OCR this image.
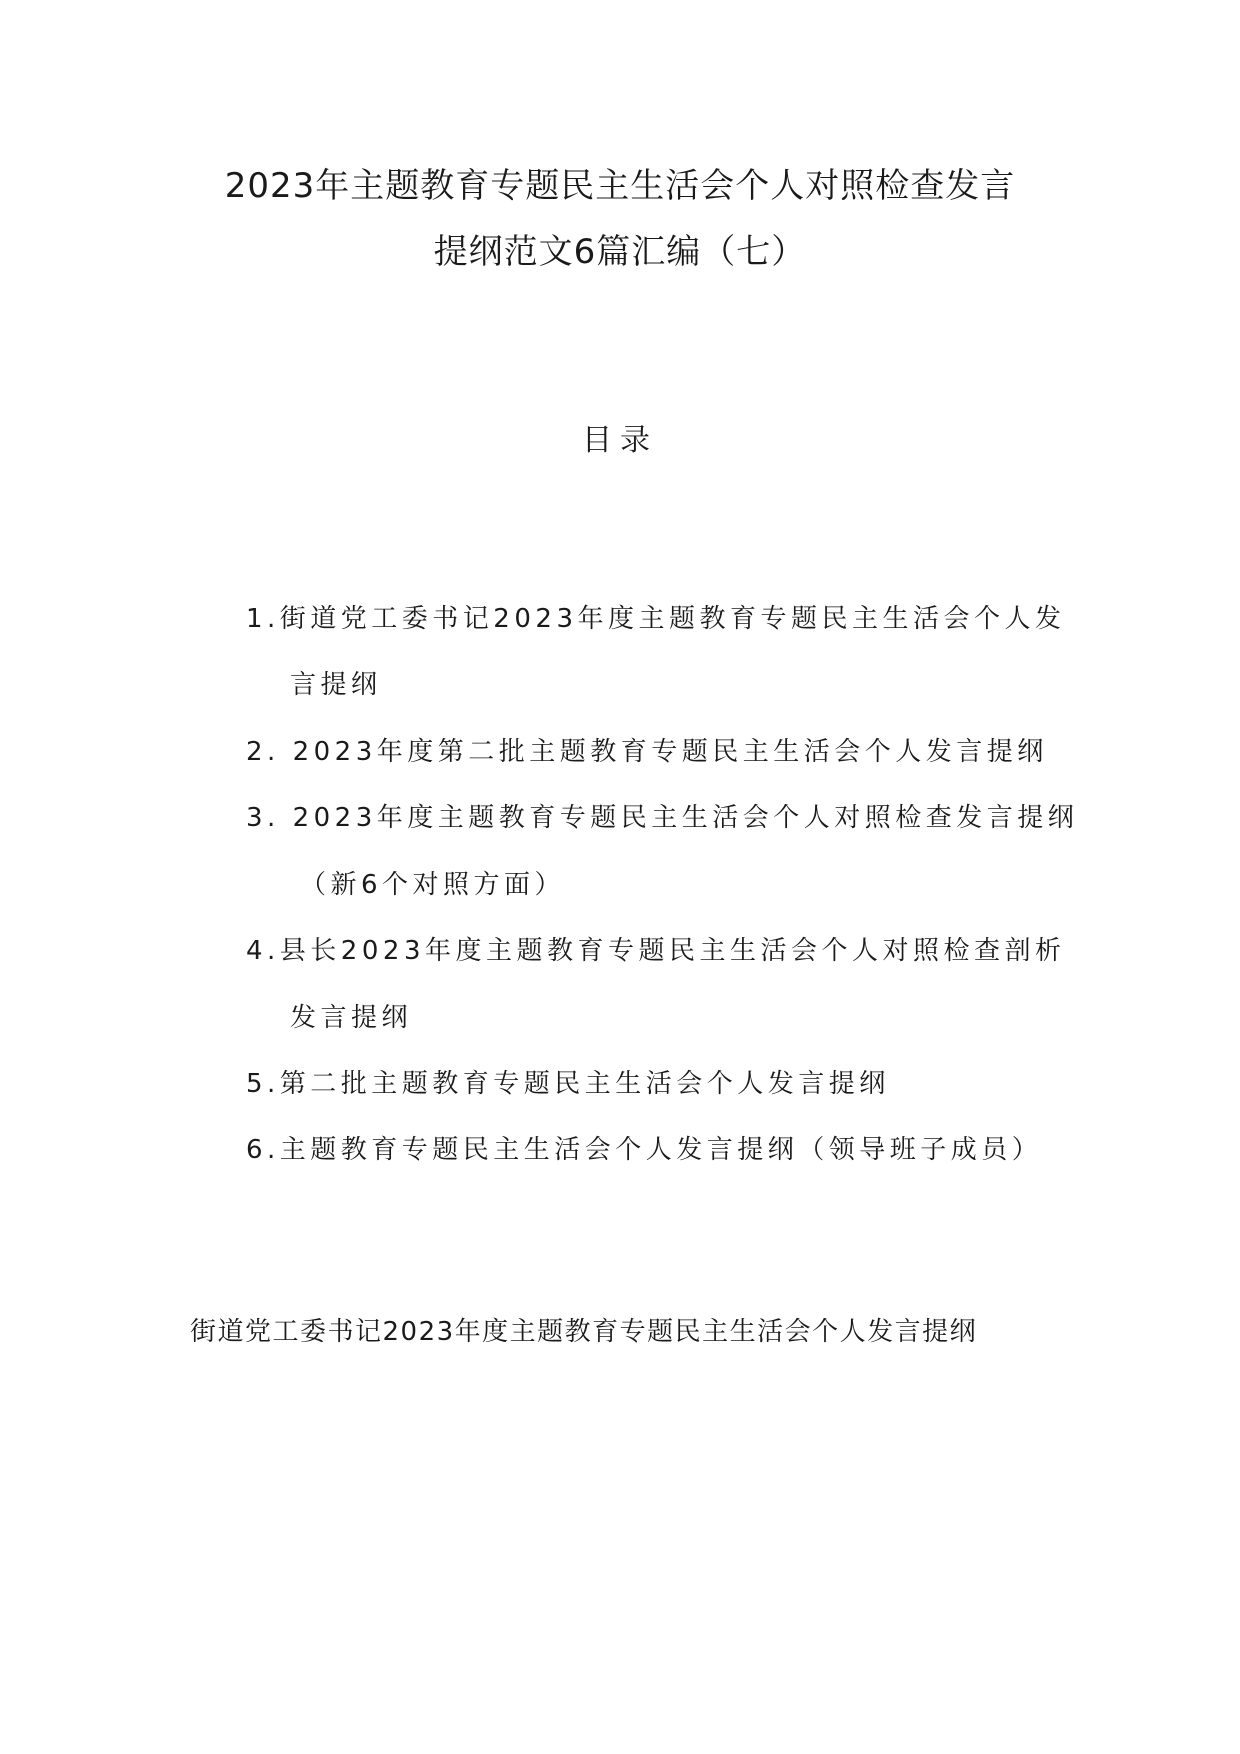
2023年主题教育专题民主生活会个人对照检查发言
提纲范文6篇汇编（七）
目录
1.街道党工委书记2023年度主题教育专题民主生活会个人发
言提纲
2. 2023年度第二批主题教育专题民主生活会个人发言提纲
3. 2023年度主题教育专题民主生活会个人对照检查发言提纲
（新6个对照方面）
4.县长2023年度主题教育专题民主生活会个人对照检查剖析
发言提纲
5.第二批主题教育专题民主生活会个人发言提纲
6.主题教育专题民主生活会个人发言提纲（领导班子成员）
街道党工委书记2023年度主题教育专题民主生活会个人发言提纲
